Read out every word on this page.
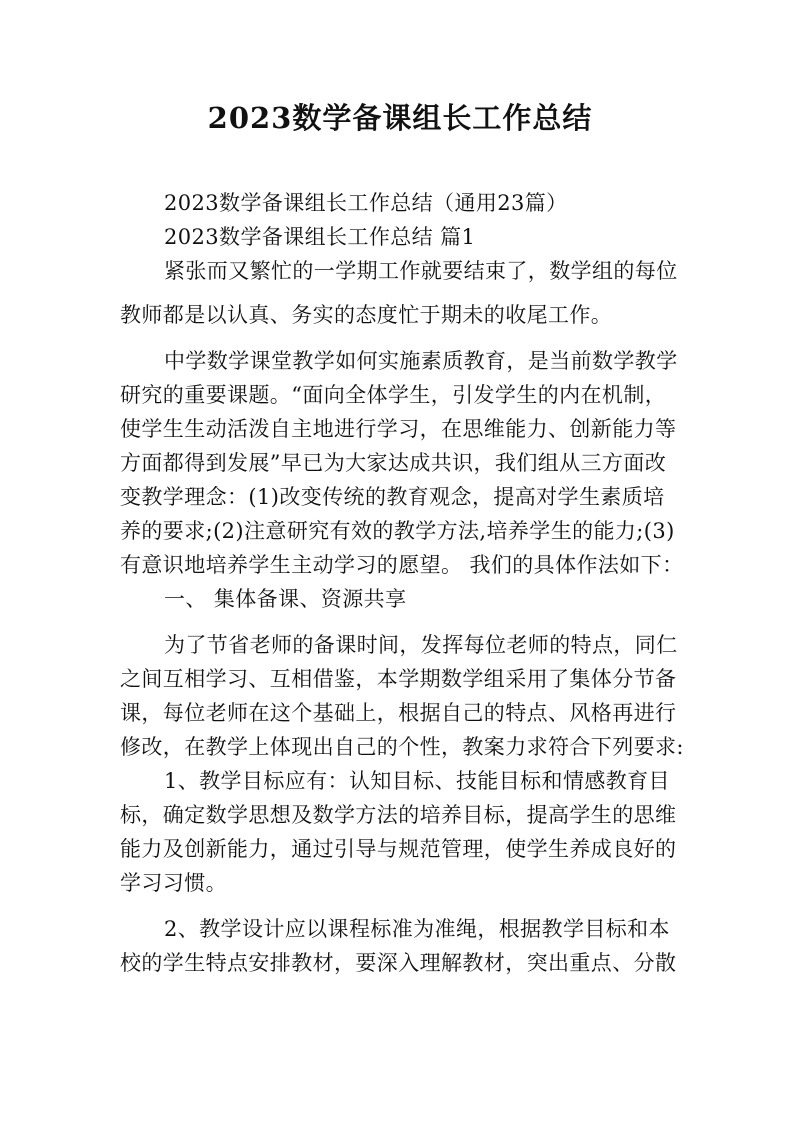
2023数学备课组长工作总结
2023数学备课组长工作总结（通用23篇）
2023数学备课组长工作总结 篇1
紧张而又繁忙的一学期工作就要结束了，数学组的每位
教师都是以认真、务实的态度忙于期未的收尾工作。
中学数学课堂教学如何实施素质教育，是当前数学教学
研究的重要课题。“面向全体学生，引发学生的内在机制，
使学生生动活泼自主地进行学习，在思维能力、创新能力等
方面都得到发展”早已为大家达成共识，我们组从三方面改
变教学理念：(1)改变传统的教育观念，提高对学生素质培
养的要求;(2)注意研究有效的教学方法,培养学生的能力;(3)
有意识地培养学生主动学习的愿望。 我们的具体作法如下：
一、 集体备课、资源共享
为了节省老师的备课时间，发挥每位老师的特点，同仁
之间互相学习、互相借鉴，本学期数学组采用了集体分节备
课，每位老师在这个基础上，根据自己的特点、风格再进行
修改，在教学上体现出自己的个性，教案力求符合下列要求:
1、教学目标应有：认知目标、技能目标和情感教育目
标，确定数学思想及数学方法的培养目标，提高学生的思维
能力及创新能力，通过引导与规范管理，使学生养成良好的
学习习惯。
2、教学设计应以课程标准为准绳，根据教学目标和本
校的学生特点安排教材，要深入理解教材，突出重点、分散
